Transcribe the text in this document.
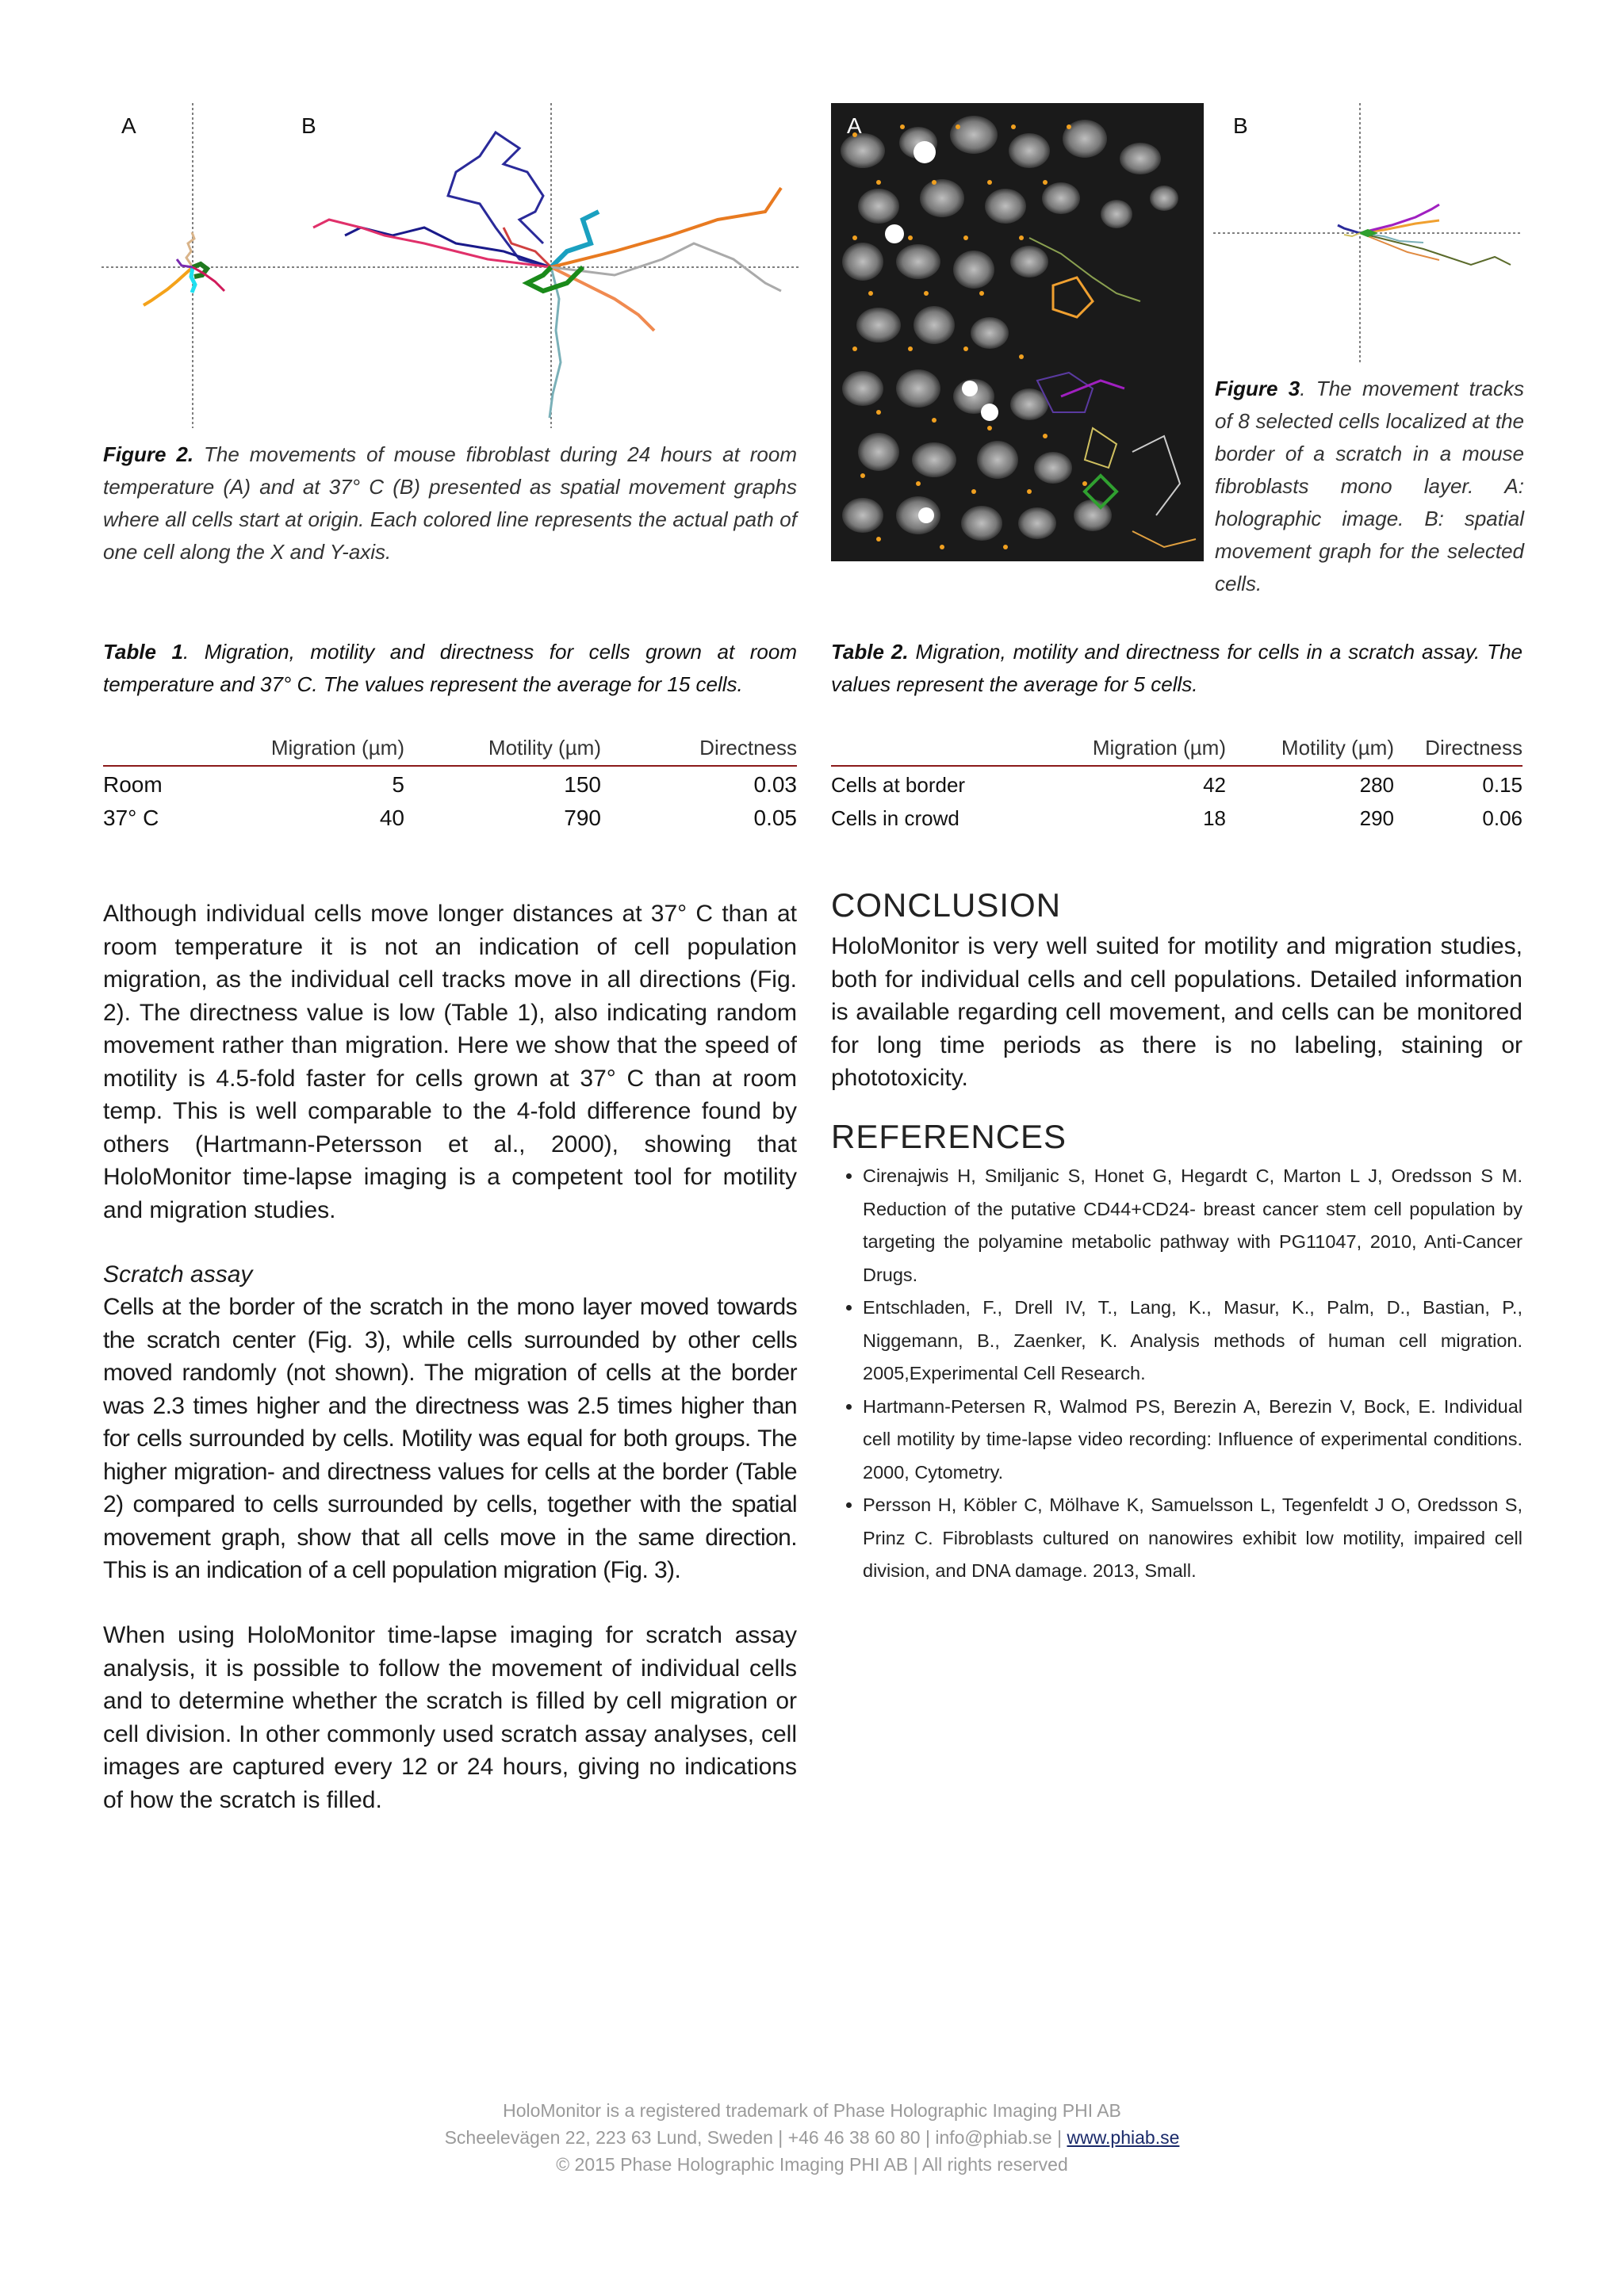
A	B
Figure 2. The movements of mouse fibroblast during 24 hours at room temperature (A) and at 37° C (B) presented as spatial movement graphs where all cells start at origin. Each colored line represents the actual path of one cell along the X and Y-axis.
A	B
Figure 3. The movement tracks of 8 selected cells localized at the border of a scratch in a mouse fibroblasts mono layer. A: holographic image. B: spatial movement graph for the selected cells.
Table 1. Migration, motility and directness for cells grown at room temperature and 37° C. The values represent the average for 15 cells.
	Migration (µm)	Motility (µm)	Directness
Room	5	150	0.03
37° C	40	790	0.05
Table 2. Migration, motility and directness for cells in a scratch assay. The values represent the average for 5 cells.
	Migration (µm)	Motility (µm)	Directness
Cells at border	42	280	0.15
Cells in crowd	18	290	0.06
Although individual cells move longer distances at 37° C than at room temperature it is not an indication of cell population migration, as the individual cell tracks move in all directions (Fig. 2). The directness value is low (Table 1), also indicating random movement rather than migration. Here we show that the speed of motility is 4.5-fold faster for cells grown at 37° C than at room temp. This is well comparable to the 4-fold difference found by others (Hartmann-Petersson et al., 2000), showing that HoloMonitor time-lapse imaging is a competent tool for motility and migration studies.
Scratch assay
Cells at the border of the scratch in the mono layer moved towards the scratch center (Fig. 3), while cells surrounded by other cells moved randomly (not shown). The migration of cells at the border was 2.3 times higher and the directness was 2.5 times higher than for cells surrounded by cells. Motility was equal for both groups. The higher migration- and directness values for cells at the border (Table 2) compared to cells surrounded by cells, together with the spatial movement graph, show that all cells move in the same direction. This is an indication of a cell population migration (Fig. 3).
When using HoloMonitor time-lapse imaging for scratch assay analysis, it is possible to follow the movement of individual cells and to determine whether the scratch is filled by cell migration or cell division. In other commonly used scratch assay analyses, cell images are captured every 12 or 24 hours, giving no indications of how the scratch is filled.
CONCLUSION
HoloMonitor is very well suited for motility and migration studies, both for individual cells and cell populations. Detailed information is available regarding cell movement, and cells can be monitored for long time periods as there is no labeling, staining or phototoxicity.
REFERENCES
• Cirenajwis H, Smiljanic S, Honet G, Hegardt C, Marton L J, Oredsson S M. Reduction of the putative CD44+CD24- breast cancer stem cell population by targeting the polyamine metabolic pathway with PG11047, 2010, Anti-Cancer Drugs.
• Entschladen, F., Drell IV, T., Lang, K., Masur, K., Palm, D., Bastian, P., Niggemann, B., Zaenker, K. Analysis methods of human cell migration. 2005,Experimental Cell Research.
• Hartmann-Petersen R, Walmod PS, Berezin A, Berezin V, Bock, E. Individual cell motility by time-lapse video recording: Influence of experimental conditions. 2000, Cytometry.
• Persson H, Köbler C, Mölhave K, Samuelsson L, Tegenfeldt J O, Oredsson S, Prinz C. Fibroblasts cultured on nanowires exhibit low motility, impaired cell division, and DNA damage. 2013, Small.
HoloMonitor is a registered trademark of Phase Holographic Imaging PHI AB
Scheelevägen 22, 223 63 Lund, Sweden | +46 46 38 60 80 | info@phiab.se | www.phiab.se
© 2015 Phase Holographic Imaging PHI AB | All rights reserved
